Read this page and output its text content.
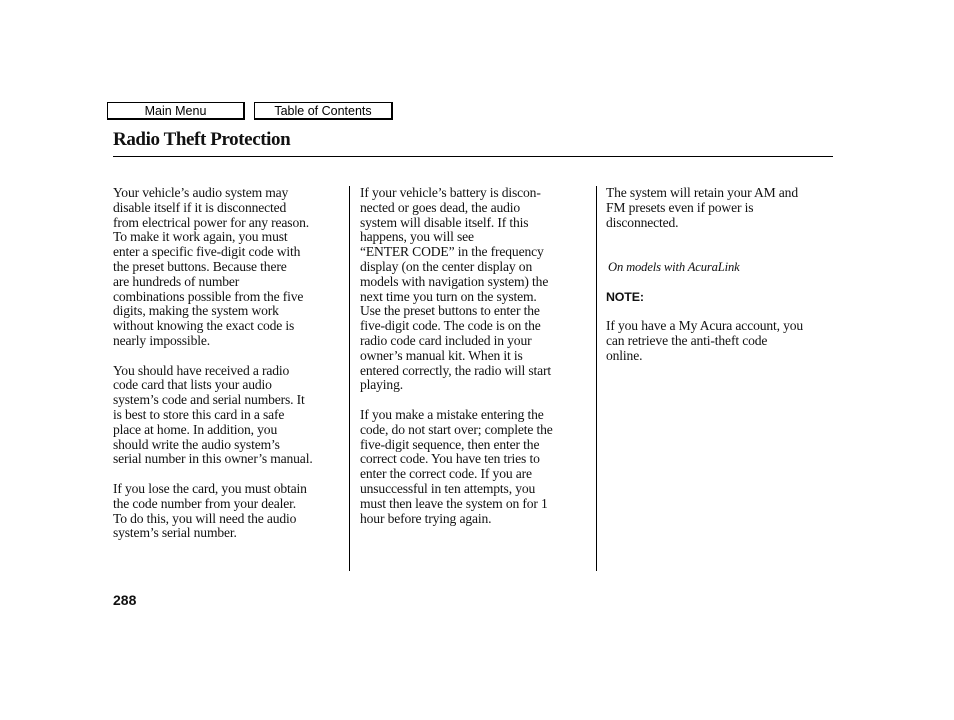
Main Menu	Table of Contents
Radio Theft Protection

Your vehicle’s audio system may
disable itself if it is disconnected
from electrical power for any reason.
To make it work again, you must
enter a specific five-digit code with
the preset buttons. Because there
are hundreds of number
combinations possible from the five
digits, making the system work
without knowing the exact code is
nearly impossible.

You should have received a radio
code card that lists your audio
system’s code and serial numbers. It
is best to store this card in a safe
place at home. In addition, you
should write the audio system’s
serial number in this owner’s manual.

If you lose the card, you must obtain
the code number from your dealer.
To do this, you will need the audio
system’s serial number.

If your vehicle’s battery is discon-
nected or goes dead, the audio
system will disable itself. If this
happens, you will see
“ENTER CODE” in the frequency
display (on the center display on
models with navigation system) the
next time you turn on the system.
Use the preset buttons to enter the
five-digit code. The code is on the
radio code card included in your
owner’s manual kit. When it is
entered correctly, the radio will start
playing.

If you make a mistake entering the
code, do not start over; complete the
five-digit sequence, then enter the
correct code. You have ten tries to
enter the correct code. If you are
unsuccessful in ten attempts, you
must then leave the system on for 1
hour before trying again.

The system will retain your AM and
FM presets even if power is
disconnected.

On models with AcuraLink

NOTE:

If you have a My Acura account, you
can retrieve the anti-theft code
online.

288
